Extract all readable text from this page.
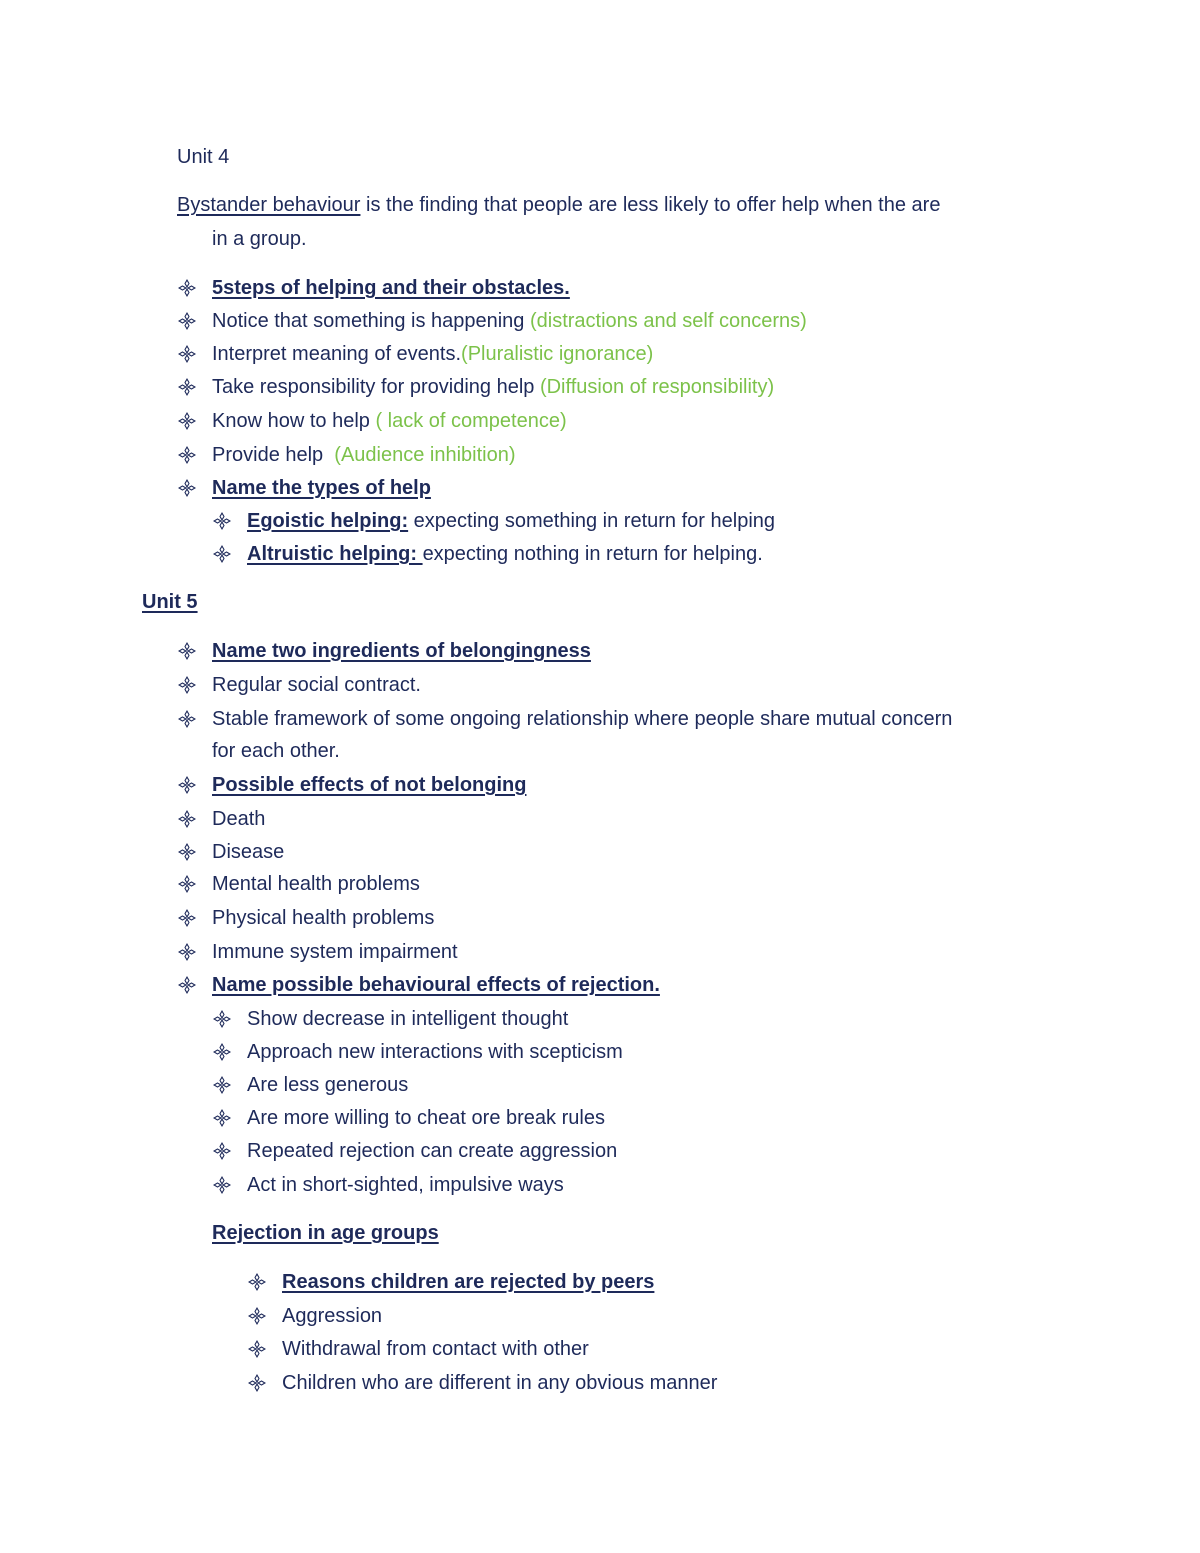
Unit 4
Bystander behaviour is the finding that people are less likely to offer help when the are
in a group.
5steps of helping and their obstacles.
Notice that something is happening (distractions and self concerns)
Interpret meaning of events.(Pluralistic ignorance)
Take responsibility for providing help (Diffusion of responsibility)
Know how to help ( lack of competence)
Provide help  (Audience inhibition)
Name the types of help
Egoistic helping: expecting something in return for helping
Altruistic helping: expecting nothing in return for helping.
Unit 5
Name two ingredients of belongingness
Regular social contract.
Stable framework of some ongoing relationship where people share mutual concern
for each other.
Possible effects of not belonging
Death
Disease
Mental health problems
Physical health problems
Immune system impairment
Name possible behavioural effects of rejection.
Show decrease in intelligent thought
Approach new interactions with scepticism
Are less generous
Are more willing to cheat ore break rules
Repeated rejection can create aggression
Act in short-sighted, impulsive ways
Rejection in age groups
Reasons children are rejected by peers
Aggression
Withdrawal from contact with other
Children who are different in any obvious manner
